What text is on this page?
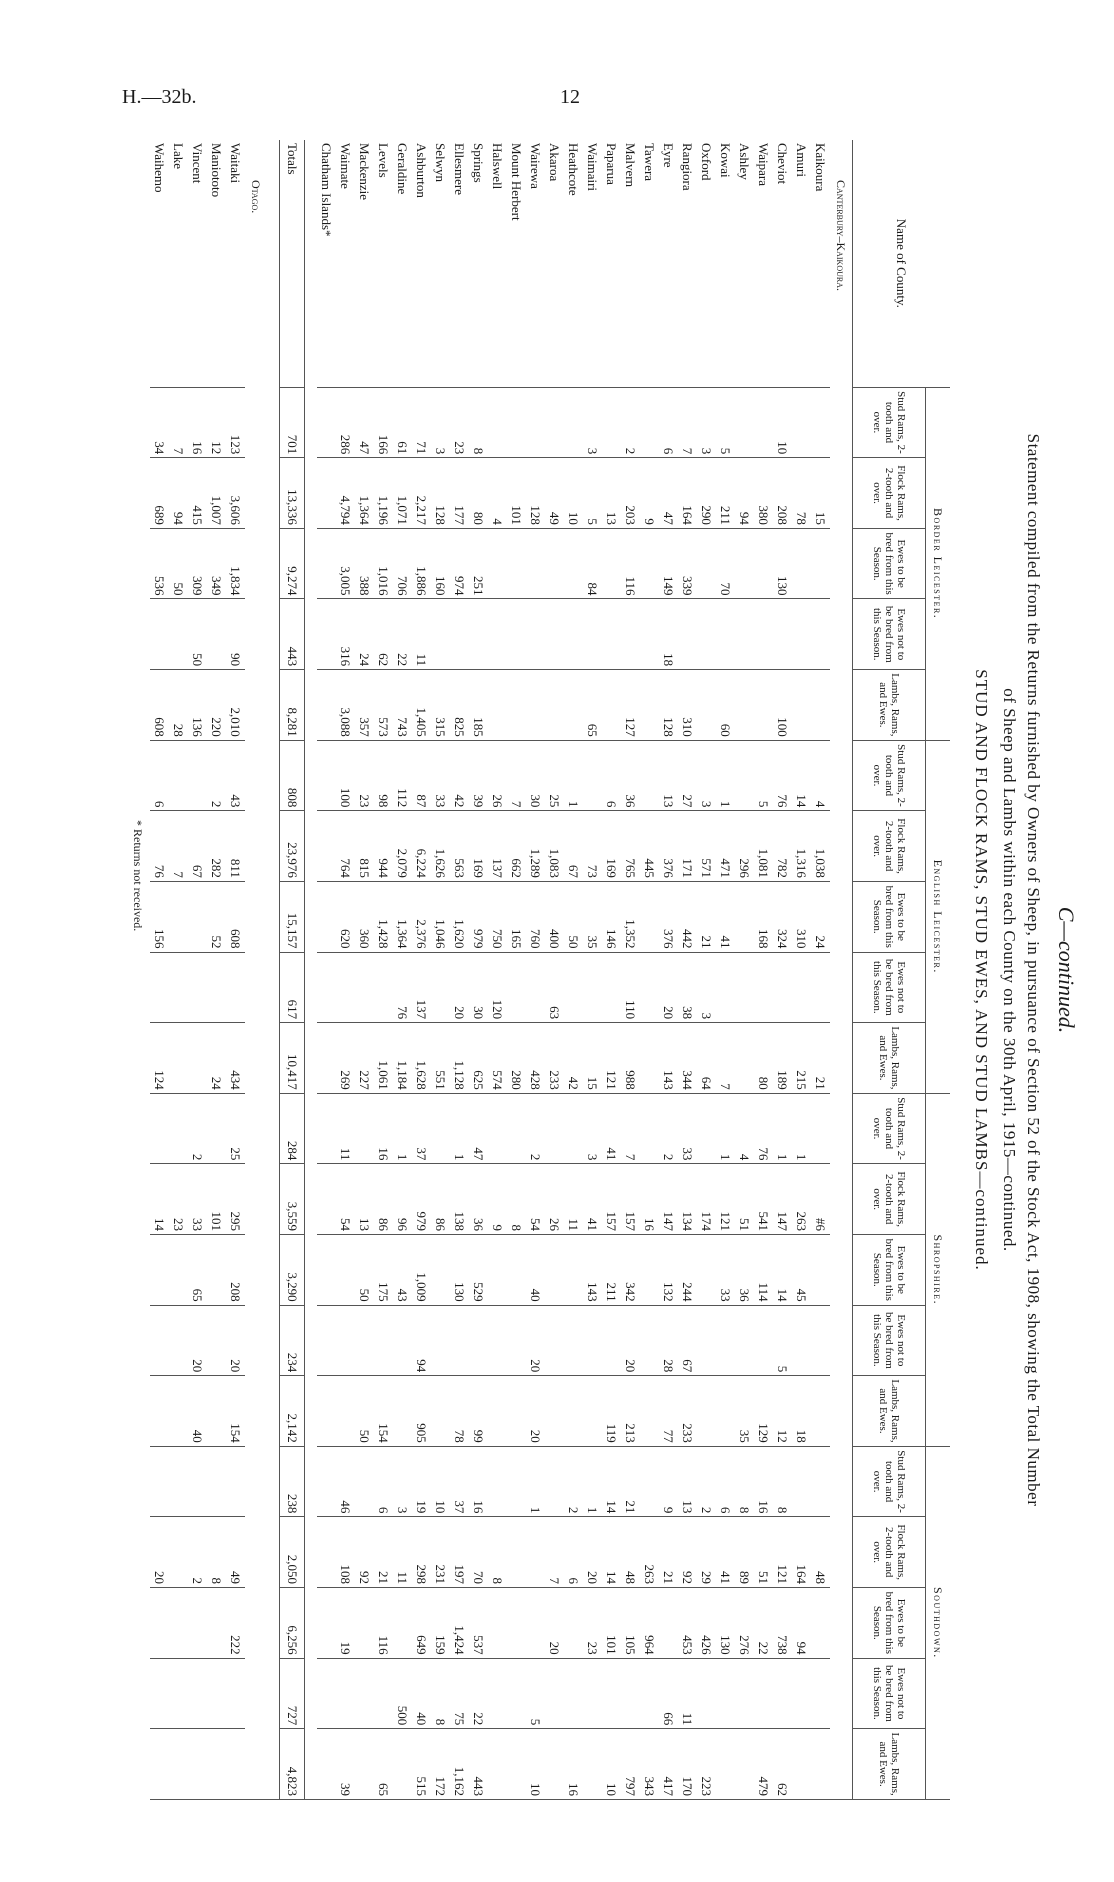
H.—32b.	12
C—continued.
Statement compiled from the Returns furnished by Owners of Sheep, in pursuance of Section 52 of the Stock Act, 1908, showing the Total Number
of Sheep and Lambs within each County on the 30th April, 1915—continued.
STUD AND FLOCK RAMS, STUD EWES, AND STUD LAMBS—continued.
Name of County.	Border Leicester.					English Leicester.					Shropshire.					Southdown.				
	Stud Rams, 2-tooth and over.	Flock Rams, 2-tooth and over.	Ewes to be bred from this Season.	Ewes not to be bred from this Season.	Lambs, Rams, and Ewes.	Stud Rams, 2-tooth and over.	Flock Rams, 2-tooth and over.	Ewes to be bred from this Season.	Ewes not to be bred from this Season.	Lambs, Rams, and Ewes.	Stud Rams, 2-tooth and over.	Flock Rams, 2-tooth and over.	Ewes to be bred from this Season.	Ewes not to be bred from this Season.	Lambs, Rams, and Ewes.	Stud Rams, 2-tooth and over.	Flock Rams, 2-tooth and over.	Ewes to be bred from this Season.	Ewes not to be bred from this Season.	Lambs, Rams, and Ewes.
Canterbury–Kaikoura.																				
Kaikoura		15				4	1,038	24		21		#6					48			
Amuri		78				14	1,316	310		215	1	263	45		18		164	94		
Cheviot	10	208	130		100	76	782	324		189	1	147	14	5	12	8	121	738		62
Waipara		380				5	1,081	168		80	76	541	114		129	16	51	22		479
Ashley		94					296				4	51	36		35	8	89	276		
Kowai	5	211	70		60	1	471	41		7	1	121	33			6	41	130		
Oxford	3	290				3	571	21	3	64		174				2	29	426		223
Rangiora	7	164	339		310	27	171	442	38	344	33	134	244	67	233	13	92	453	11	170
Eyre	6	47	149	18	128	13	376	376	20	143	2	147	132	28	77	9	21		66	417
Tawera		9					445					16					263	964		343
Malvern	2	203	116		127	36	765	1,352	110	988	7	157	342	20	213	21	48	105		797
Paparua		13				6	169	146		121	41	157	211		119	14	14	101		10
Waimairi	3	5	84		65		73	35		15	3	41	143			1	20	23		
Heathcote		10				1	67	50		42		11				2	6			16
Akaroa		49				25	1,083	400	63	233		26					7	20		
Wairewa		128				30	1,289	760		428	2	54	40	20	20	1			5	10
Mount Herbert		101				7	662	165		280		8								
Halswell		4				26	137	750	120	574		9					8			
Springs	8	80	251		185	39	169	979	30	625	47	36	529		99	16	70	537	22	443
Ellesmere	23	177	974		825	42	563	1,620	20	1,128	1	138	130		78	37	197	1,424	75	1,162
Selwyn	3	128	160		315	33	1,626	1,046		551		86				10	231	159	8	172
Ashburton	71	2,217	1,886	11	1,405	87	6,224	2,376	137	1,628	37	979	1,009	94	905	19	298	649	40	515
Geraldine	61	1,071	706	22	743	112	2,079	1,364	76	1,184	1	96	43			3	11		500	
Levels	166	1,196	1,016	62	573	98	944	1,428		1,061	16	86	175		154	6	21	116		65
Mackenzie	47	1,364	388	24	357	23	815	360		227		13	50		50		92			
Waimate	286	4,794	3,005	316	3,088	100	764	620		269	11	54				46	108	19		39
Chatham Islands*																				

Totals	701	13,336	9,274	443	8,281	808	23,976	15,157	617	10,417	284	3,559	3,290	234	2,142	238	2,050	6,256	727	4,823

Otago.																				
Waitaki	123	3,606	1,834	90	2,010	43	811	608		434	25	295	208	20	154		49	222		
Maniototo	12	1,007	349		220	2	282	52		24		101					8			
Vincent	16	415	309	50	136		67				2	33	65	20	40		2			
Lake	7	94	50		28		7					23								
Waihemo	34	689	536		608	6	76	156		124		14					20			
* Returns not received.
